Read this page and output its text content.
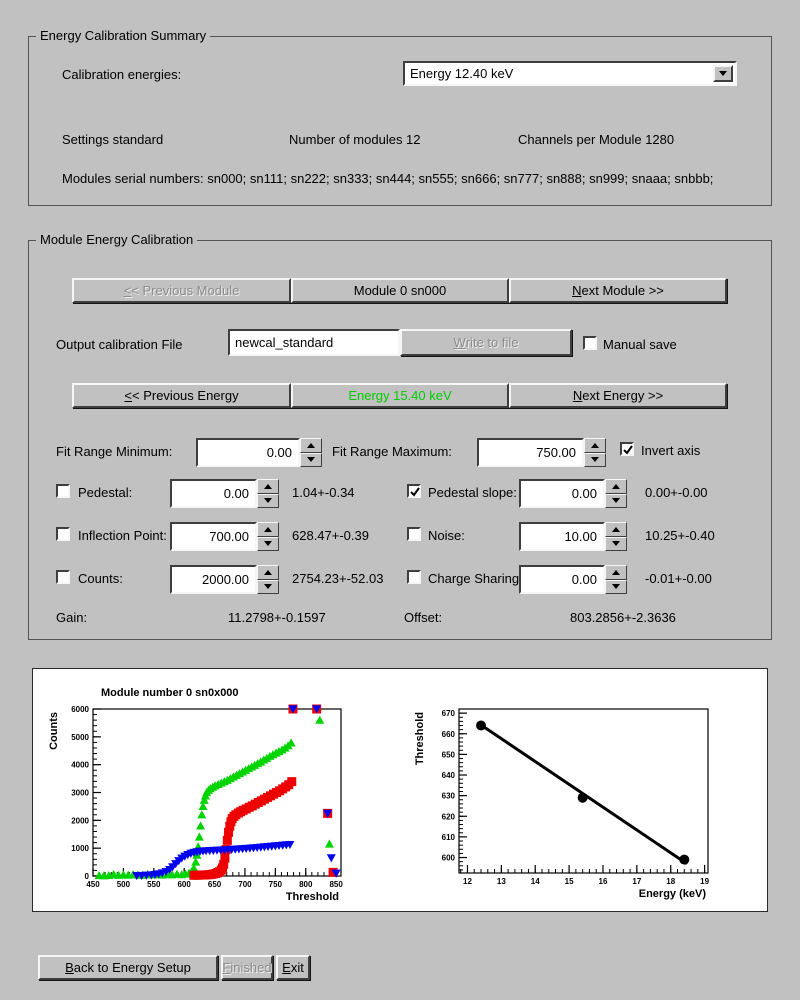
Energy Calibration Summary
Calibration energies:	Energy 12.40 keV
Settings standard	Number of modules 12	Channels per Module 1280
Modules serial numbers: sn000; sn111; sn222; sn333; sn444; sn555; sn666; sn777; sn888; sn999; snaaa; snbbb;
Module Energy Calibration
< < Previous Module	Module 0 sn000	N ext Module >>
Output calibration File	newcal_standard	W rite to file	Manual save
< < Previous Energy	Energy 15.40 keV	N ext Energy >>
Fit Range Minimum:	0.00	Fit Range Maximum:	750.00	Invert axis
Pedestal:	0.00	1.04+-0.34	Pedestal slope:	0.00	0.00+-0.00
Inflection Point:	700.00	628.47+-0.39	Noise:	10.00	10.25+-0.40
Counts:	2000.00	2754.23+-52.03	Charge Sharing	0.00	-0.01+-0.00
Gain:	11.2798+-0.1597	Offset:	803.2856+-2.3636
450 500 550 600 650 700 750 800 850
0
1000
2000
3000
4000
5000
6000
Module number 0 sn0x000
Threshold
Counts
12	13	14	15	16	17	18	19
600
610
620
630
640
650
660
670
Energy (keV)
Threshold
B ack to Energy Setup F inished E xit
